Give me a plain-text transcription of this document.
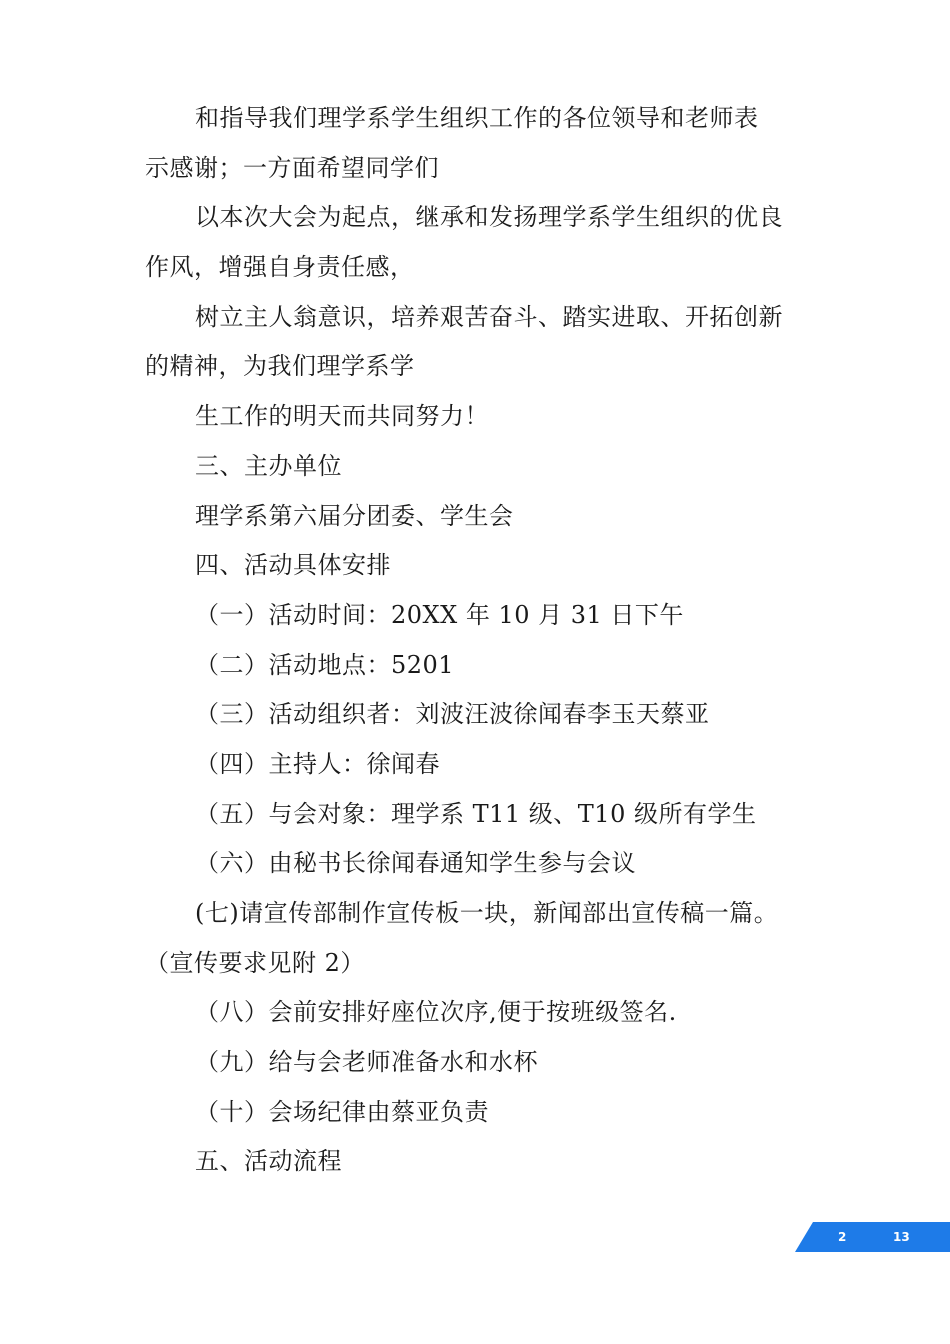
和指导我们理学系学生组织工作的各位领导和老师表
示感谢；一方面希望同学们
以本次大会为起点，继承和发扬理学系学生组织的优良
作风，增强自身责任感，
树立主人翁意识，培养艰苦奋斗、踏实进取、开拓创新
的精神，为我们理学系学
生工作的明天而共同努力！
三、主办单位
理学系第六届分团委、学生会
四、活动具体安排
（一）活动时间：20XX 年 10 月 31 日下午
（二）活动地点：5201
（三）活动组织者：刘波汪波徐闻春李玉天蔡亚
（四）主持人：徐闻春
（五）与会对象：理学系 T11 级、T10 级所有学生
（六）由秘书长徐闻春通知学生参与会议
(七)请宣传部制作宣传板一块，新闻部出宣传稿一篇。
（宣传要求见附 2）
（八）会前安排好座位次序,便于按班级签名.
（九）给与会老师准备水和水杯
（十）会场纪律由蔡亚负责
五、活动流程
2	13
